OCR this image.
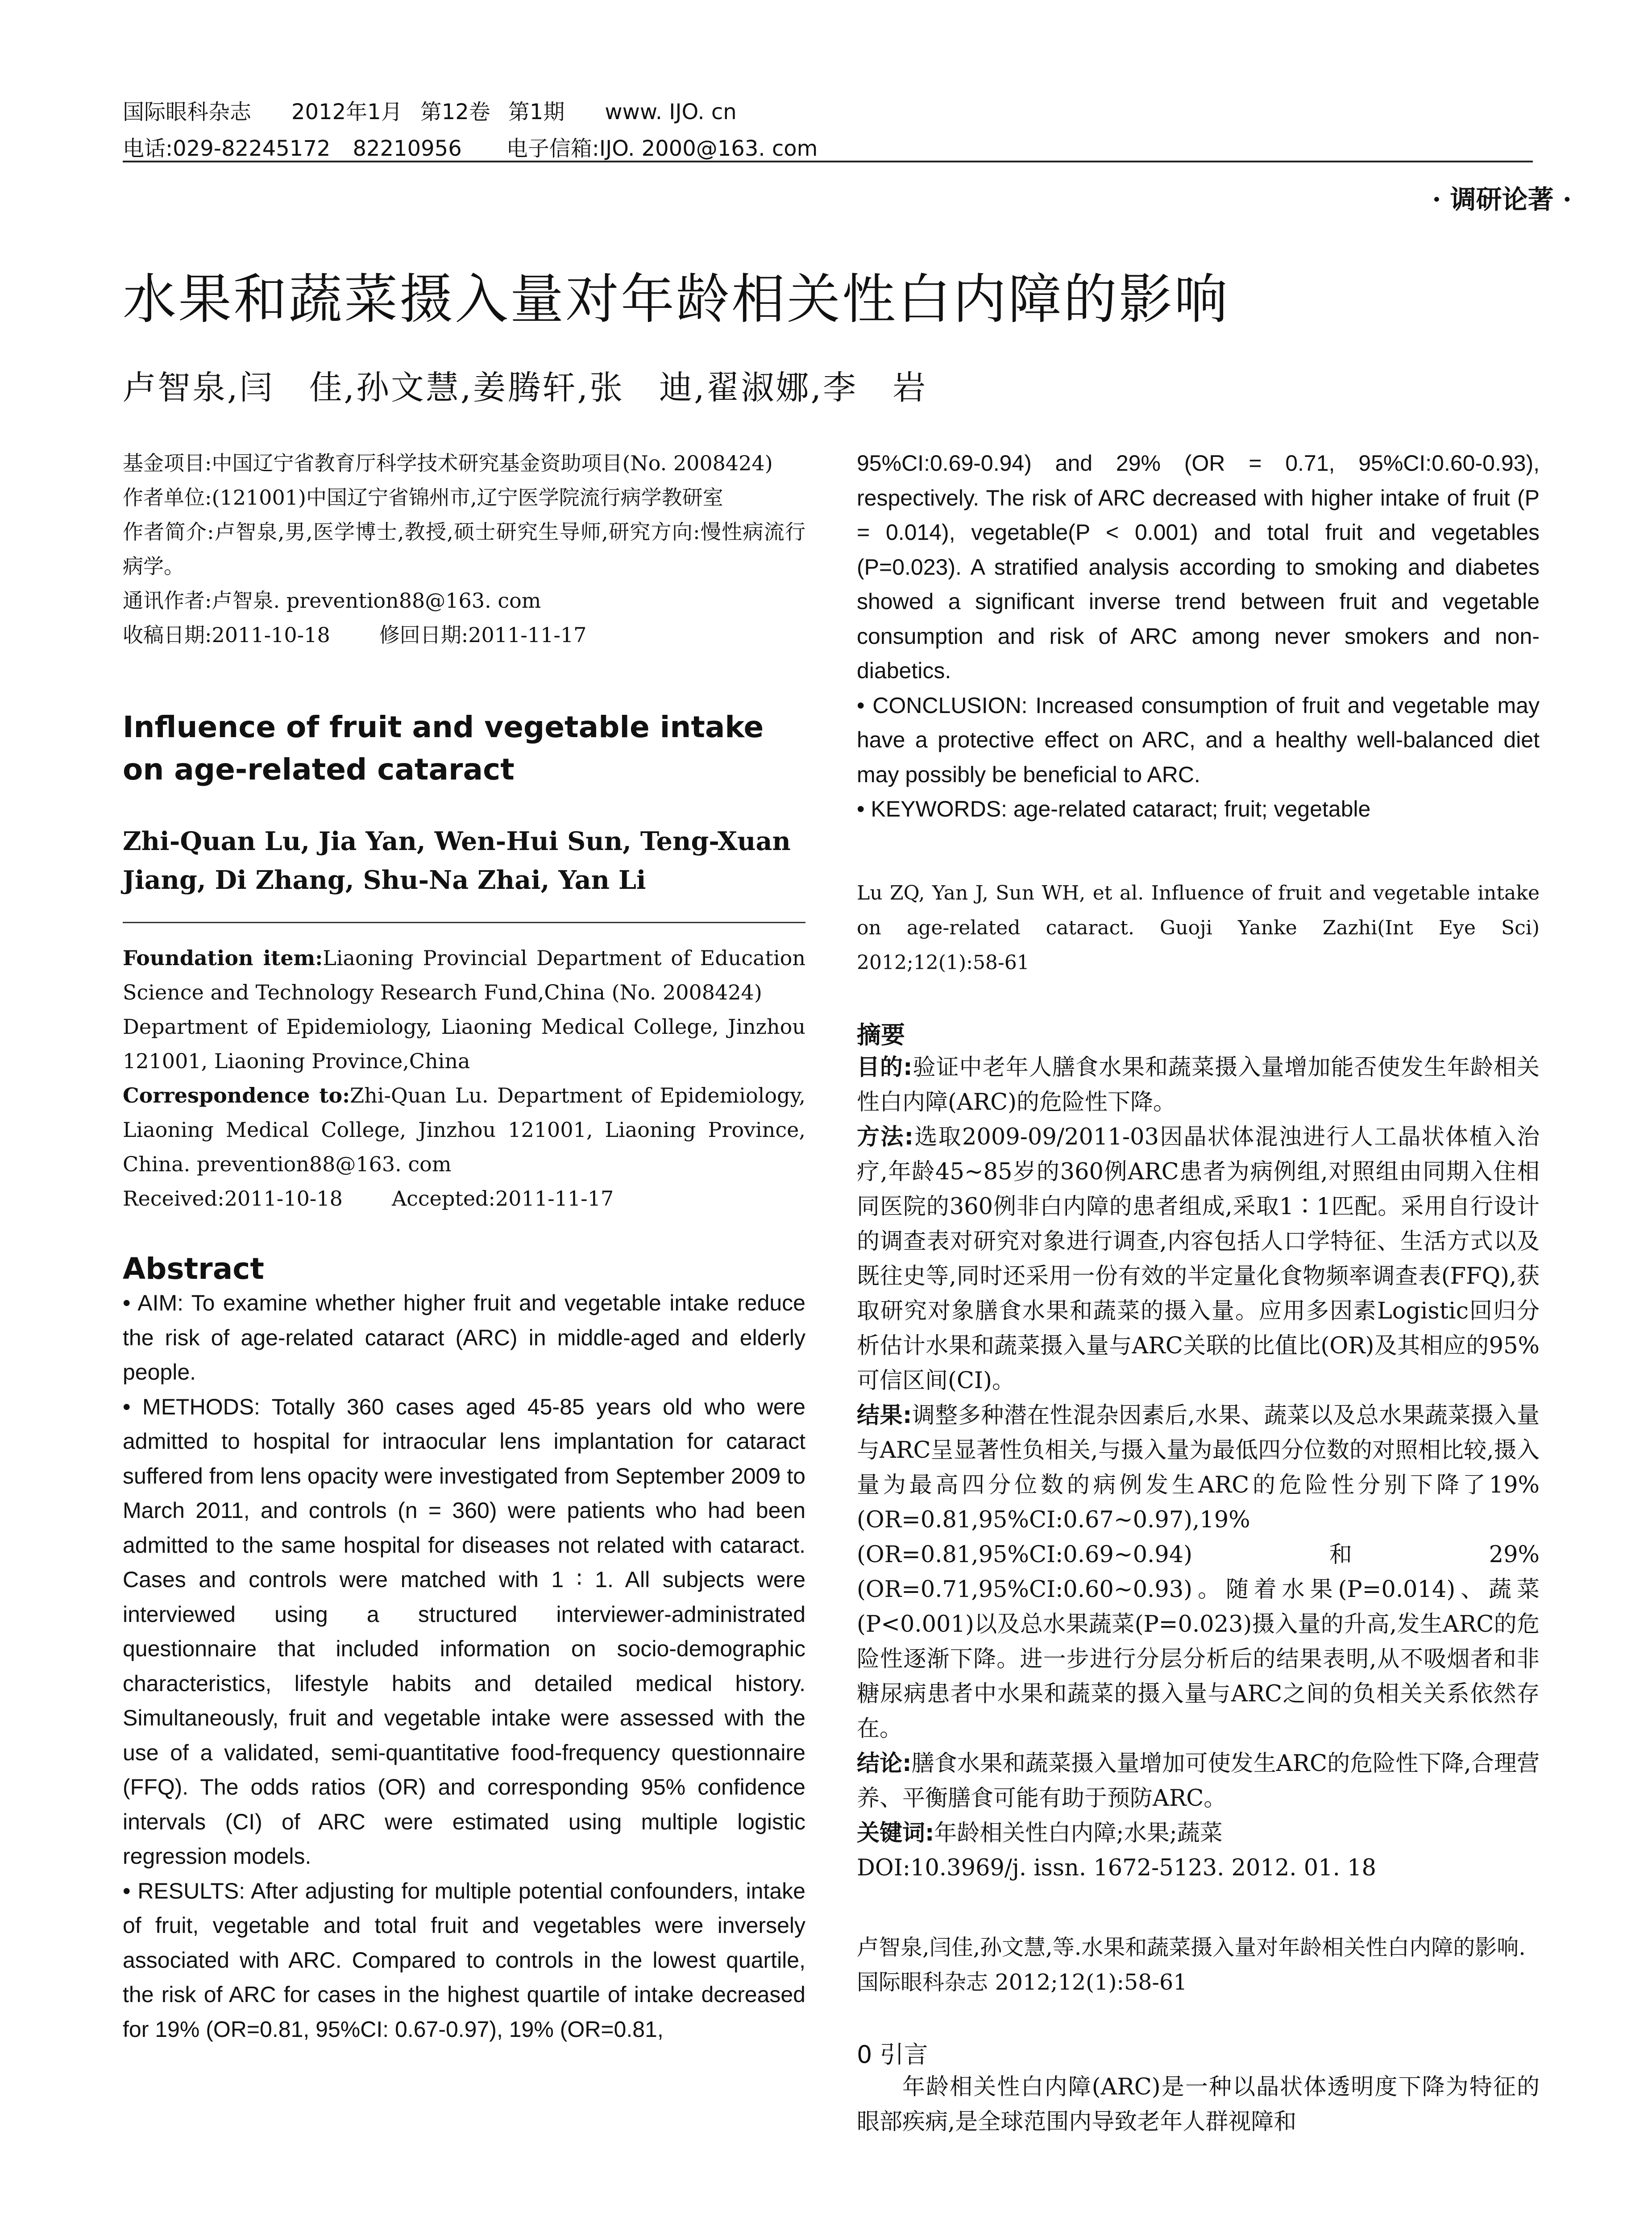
国际眼科杂志 2012年1月 第12卷 第1期 www. IJO. cn
电话:029-82245172 82210956 电子信箱:IJO. 2000@163. com
· 调研论著 ·
水果和蔬菜摄入量对年龄相关性白内障的影响
卢智泉,闫　佳,孙文慧,姜腾轩,张　迪,翟淑娜,李　岩

基金项目:中国辽宁省教育厅科学技术研究基金资助项目(No. 2008424)

作者单位:(121001)中国辽宁省锦州市,辽宁医学院流行病学教研室

作者简介:卢智泉,男,医学博士,教授,硕士研究生导师,研究方向:慢性病流行病学。

通讯作者:卢智泉. prevention88@163. com

收稿日期:2011-10-18 修回日期:2011-11-17

Influence of fruit and vegetable intake on age-related cataract

Zhi-Quan Lu, Jia Yan, Wen-Hui Sun, Teng-Xuan Jiang, Di Zhang, Shu-Na Zhai, Yan Li

Foundation item:Liaoning Provincial Department of Education Science and Technology Research Fund,China (No. 2008424)

Department of Epidemiology, Liaoning Medical College, Jinzhou 121001, Liaoning Province,China

Correspondence to:Zhi-Quan Lu. Department of Epidemiology, Liaoning Medical College, Jinzhou 121001, Liaoning Province, China. prevention88@163. com

Received:2011-10-18 Accepted:2011-11-17

Abstract

• AIM: To examine whether higher fruit and vegetable intake reduce the risk of age-related cataract (ARC) in middle-aged and elderly people.

• METHODS: Totally 360 cases aged 45-85 years old who were admitted to hospital for intraocular lens implantation for cataract suffered from lens opacity were investigated from September 2009 to March 2011, and controls (n = 360) were patients who had been admitted to the same hospital for diseases not related with cataract. Cases and controls were matched with 1 ∶ 1. All subjects were interviewed using a structured interviewer-administrated questionnaire that included information on socio-demographic characteristics, lifestyle habits and detailed medical history. Simultaneously, fruit and vegetable intake were assessed with the use of a validated, semi-quantitative food-frequency questionnaire (FFQ). The odds ratios (OR) and corresponding 95% confidence intervals (CI) of ARC were estimated using multiple logistic regression models.

• RESULTS: After adjusting for multiple potential confounders, intake of fruit, vegetable and total fruit and vegetables were inversely associated with ARC. Compared to controls in the lowest quartile, the risk of ARC for cases in the highest quartile of intake decreased for 19% (OR=0.81, 95%CI: 0.67-0.97), 19% (OR=0.81,

95%CI:0.69-0.94) and 29% (OR = 0.71, 95%CI:0.60-0.93), respectively. The risk of ARC decreased with higher intake of fruit (P = 0.014), vegetable(P < 0.001) and total fruit and vegetables (P=0.023). A stratified analysis according to smoking and diabetes showed a significant inverse trend between fruit and vegetable consumption and risk of ARC among never smokers and non-diabetics.

• CONCLUSION: Increased consumption of fruit and vegetable may have a protective effect on ARC, and a healthy well-balanced diet may possibly be beneficial to ARC.

• KEYWORDS: age-related cataract; fruit; vegetable

Lu ZQ, Yan J, Sun WH, et al. Influence of fruit and vegetable intake on age-related cataract. Guoji Yanke Zazhi(Int Eye Sci) 2012;12(1):58-61

摘要

目的:验证中老年人膳食水果和蔬菜摄入量增加能否使发生年龄相关性白内障(ARC)的危险性下降。

方法:选取2009-09/2011-03因晶状体混浊进行人工晶状体植入治疗,年龄45~85岁的360例ARC患者为病例组,对照组由同期入住相同医院的360例非白内障的患者组成,采取1∶1匹配。采用自行设计的调查表对研究对象进行调查,内容包括人口学特征、生活方式以及既往史等,同时还采用一份有效的半定量化食物频率调查表(FFQ),获取研究对象膳食水果和蔬菜的摄入量。应用多因素Logistic回归分析估计水果和蔬菜摄入量与ARC关联的比值比(OR)及其相应的95%可信区间(CI)。

结果:调整多种潜在性混杂因素后,水果、蔬菜以及总水果蔬菜摄入量与ARC呈显著性负相关,与摄入量为最低四分位数的对照相比较,摄入量为最高四分位数的病例发生ARC的危险性分别下降了19%(OR=0.81,95%CI:0.67~0.97),19%(OR=0.81,95%CI:0.69~0.94)和29%(OR=0.71,95%CI:0.60~0.93)。随着水果(P=0.014)、蔬菜(P<0.001)以及总水果蔬菜(P=0.023)摄入量的升高,发生ARC的危险性逐渐下降。进一步进行分层分析后的结果表明,从不吸烟者和非糖尿病患者中水果和蔬菜的摄入量与ARC之间的负相关关系依然存在。

结论:膳食水果和蔬菜摄入量增加可使发生ARC的危险性下降,合理营养、平衡膳食可能有助于预防ARC。

关键词:年龄相关性白内障;水果;蔬菜

DOI:10.3969/j. issn. 1672-5123. 2012. 01. 18

卢智泉,闫佳,孙文慧,等.水果和蔬菜摄入量对年龄相关性白内障的影响.国际眼科杂志 2012;12(1):58-61

0 引言

年龄相关性白内障(ARC)是一种以晶状体透明度下降为特征的眼部疾病,是全球范围内导致老年人群视障和
